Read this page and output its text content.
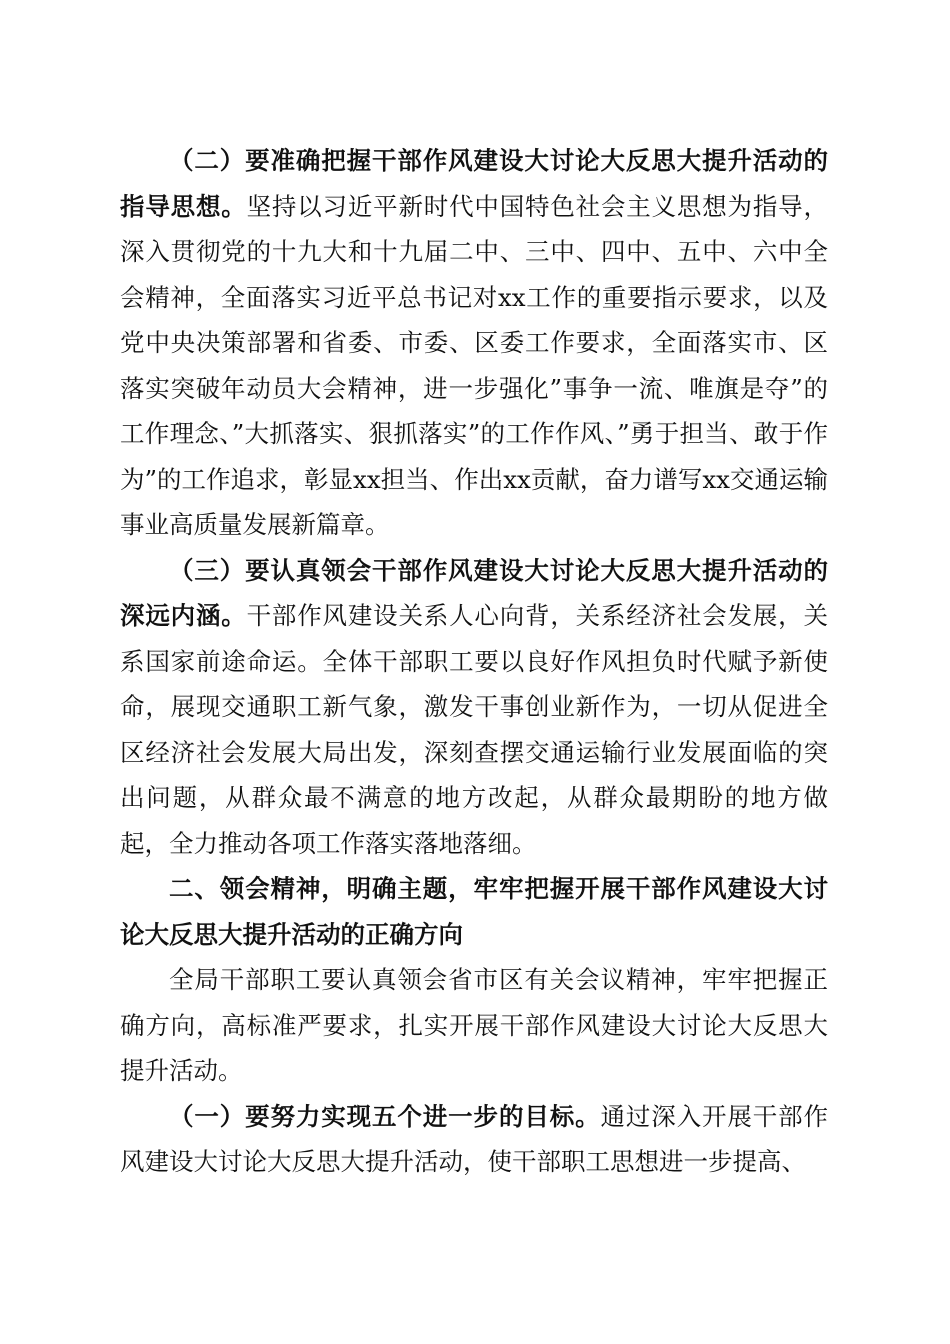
（二）要准确把握干部作风建设大讨论大反思大提升活动的指导思想。坚持以习近平新时代中国特色社会主义思想为指导，深入贯彻党的十九大和十九届二中、三中、四中、五中、六中全会精神，全面落实习近平总书记对xx工作的重要指示要求，以及党中央决策部署和省委、市委、区委工作要求，全面落实市、区落实突破年动员大会精神，进一步强化”事争一流、唯旗是夺”的工作理念、”大抓落实、狠抓落实”的工作作风、”勇于担当、敢于作为”的工作追求，彰显xx担当、作出xx贡献，奋力谱写xx交通运输事业高质量发展新篇章。

（三）要认真领会干部作风建设大讨论大反思大提升活动的深远内涵。干部作风建设关系人心向背，关系经济社会发展，关系国家前途命运。全体干部职工要以良好作风担负时代赋予新使命，展现交通职工新气象，激发干事创业新作为，一切从促进全区经济社会发展大局出发，深刻查摆交通运输行业发展面临的突出问题，从群众最不满意的地方改起，从群众最期盼的地方做起，全力推动各项工作落实落地落细。

二、领会精神，明确主题，牢牢把握开展干部作风建设大讨论大反思大提升活动的正确方向

全局干部职工要认真领会省市区有关会议精神，牢牢把握正确方向，高标准严要求，扎实开展干部作风建设大讨论大反思大提升活动。

（一）要努力实现五个进一步的目标。通过深入开展干部作风建设大讨论大反思大提升活动，使干部职工思想进一步提高、
